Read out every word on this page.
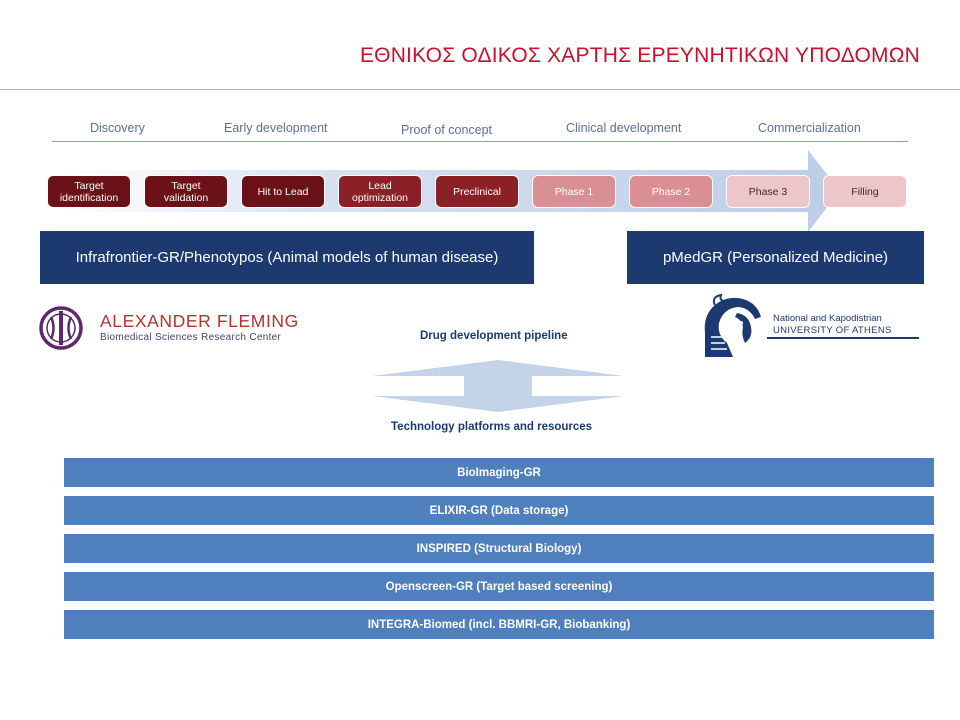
ΕΘΝΙΚΟΣ ΟΔΙΚΟΣ ΧΑΡΤΗΣ ΕΡΕΥΝΗΤΙΚΩΝ ΥΠΟΔΟΜΩΝ
Discovery	Early development	Proof of concept	Clinical development	Commercialization
Target
identification
Target
validation	Hit to Lead	Lead
optimization	Preclinical	Phase 1	Phase 2	Phase 3	Filling
Infrafrontier-GR/Phenotypos (Animal models of human disease)	pMedGR (Personalized Medicine)
ALEXANDER FLEMING
Biomedical Sciences Research Center
National and Kapodistrian
UNIVERSITY OF ATHENS
Drug development pipeline
Technology platforms and resources
BioImaging-GR
ELIXIR-GR (Data storage)
INSPIRED (Structural Biology)
Openscreen-GR (Target based screening)
INTEGRA-Biomed (incl. BBMRI-GR, Biobanking)
